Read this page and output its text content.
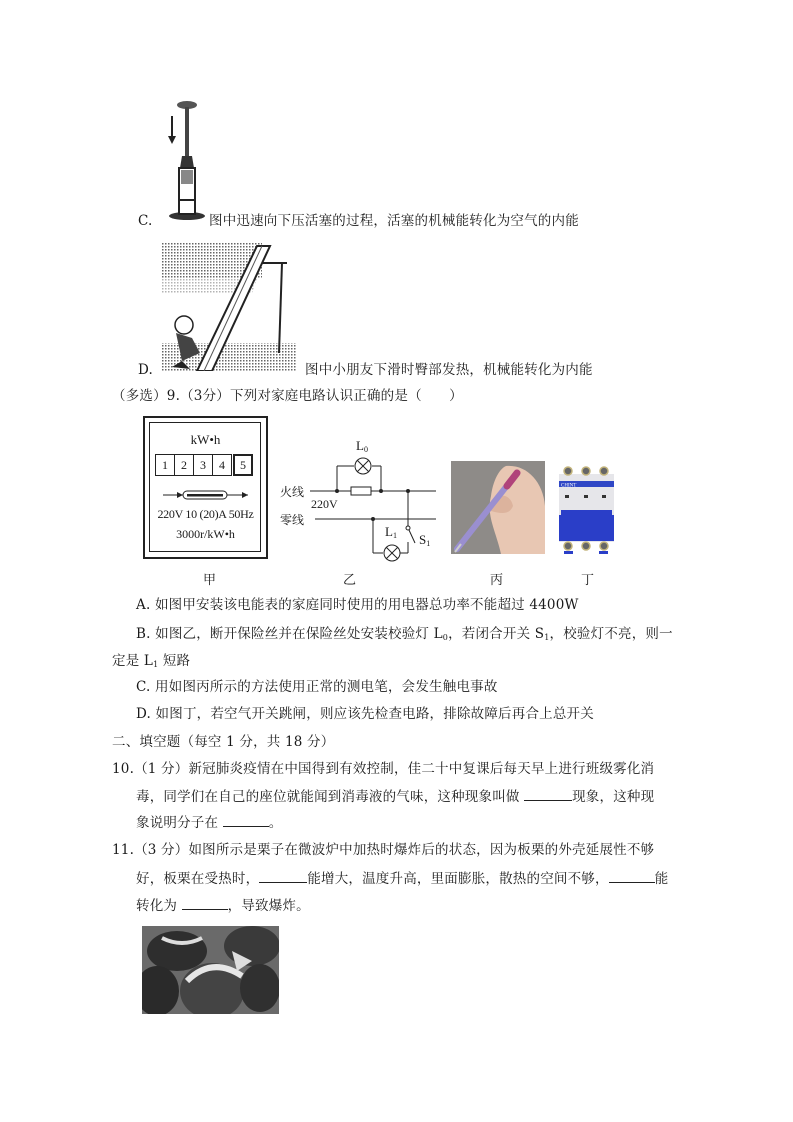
C.	图中迅速向下压活塞的过程，活塞的机械能转化为空气的内能
D.	图中小朋友下滑时臀部发热，机械能转化为内能
（多选）9.（3分）下列对家庭电路认识正确的是（　　）
kW•h
1	2	3	4	5
220V 10 (20)A 50Hz
3000r/kW•h
甲
火线
220V
零线
$L_0$
$L_1$ $S_1$
乙	丙
CHINT
丁
A. 如图甲安装该电能表的家庭同时使用的用电器总功率不能超过 4400W
B. 如图乙，断开保险丝并在保险丝处安装校验灯 $L_0$，若闭合开关 $S_1$，校验灯不亮，则一
定是 $L_1$ 短路
C. 用如图丙所示的方法使用正常的测电笔，会发生触电事故
D. 如图丁，若空气开关跳闸，则应该先检查电路，排除故障后再合上总开关
二、填空题（每空 1 分，共 18 分）
10.（1 分）新冠肺炎疫情在中国得到有效控制，佳二十中复课后每天早上进行班级雾化消
毒，同学们在自己的座位就能闻到消毒液的气味，这种现象叫做	现象，这种现
象说明分子在	。
11.（3 分）如图所示是栗子在微波炉中加热时爆炸后的状态，因为板栗的外壳延展性不够
好，板栗在受热时，	能增大，温度升高，里面膨胀，散热的空间不够，	能
转化为	，导致爆炸。
